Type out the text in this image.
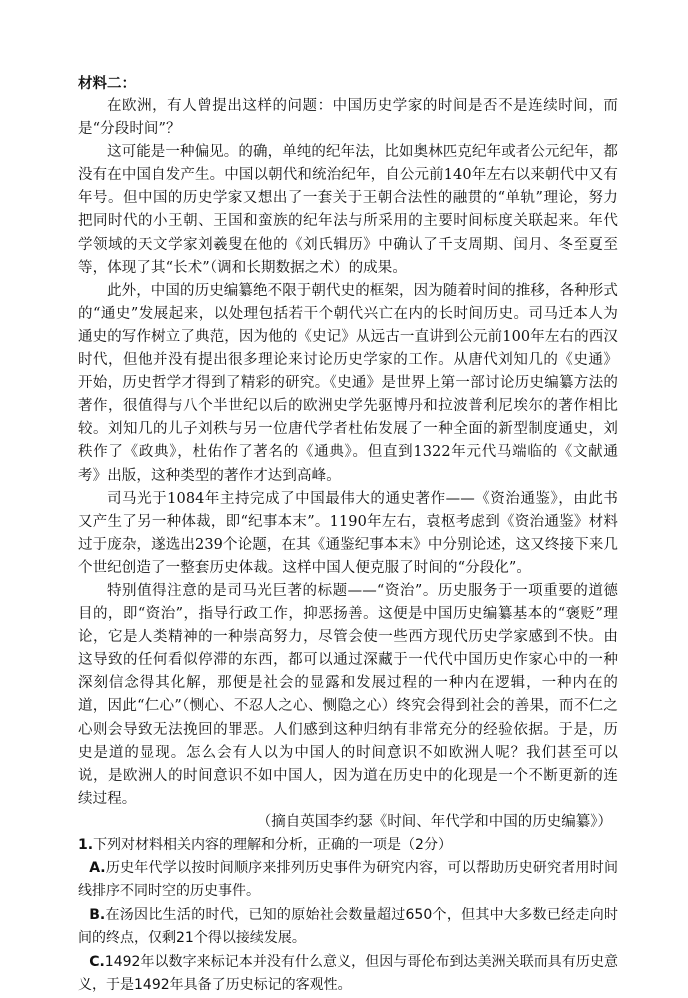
材料二：

在欧洲，有人曾提出这样的问题：中国历史学家的时间是否不是连续时间，而是“分段时间”？

这可能是一种偏见。的确，单纯的纪年法，比如奥林匹克纪年或者公元纪年，都没有在中国自发产生。中国以朝代和统治纪年，自公元前140年左右以来朝代中又有年号。但中国的历史学家又想出了一套关于王朝合法性的融贯的“单轨”理论，努力把同时代的小王朝、王国和蛮族的纪年法与所采用的主要时间标度关联起来。年代学领域的天文学家刘羲叟在他的《刘氏辑历》中确认了千支周期、闰月、冬至夏至等，体现了其“长术”（调和长期数据之术）的成果。

此外，中国的历史编纂绝不限于朝代史的框架，因为随着时间的推移，各种形式的“通史”发展起来，以处理包括若干个朝代兴亡在内的长时间历史。司马迁本人为通史的写作树立了典范，因为他的《史记》从远古一直讲到公元前100年左右的西汉时代，但他并没有提出很多理论来讨论历史学家的工作。从唐代刘知几的《史通》开始，历史哲学才得到了精彩的研究。《史通》是世界上第一部讨论历史编纂方法的著作，很值得与八个半世纪以后的欧洲史学先驱博丹和拉波普利尼埃尔的著作相比较。刘知几的儿子刘秩与另一位唐代学者杜佑发展了一种全面的新型制度通史，刘秩作了《政典》，杜佑作了著名的《通典》。但直到1322年元代马端临的《文献通考》出版，这种类型的著作才达到高峰。

司马光于1084年主持完成了中国最伟大的通史著作——《资治通鉴》，由此书又产生了另一种体裁，即“纪事本末”。1190年左右，袁枢考虑到《资治通鉴》材料过于庞杂，遂选出239个论题，在其《通鉴纪事本末》中分别论述，这又终接下来几个世纪创造了一整套历史体裁。这样中国人便克服了时间的“分段化”。

特别值得注意的是司马光巨著的标题——“资治”。历史服务于一项重要的道德目的，即“资治”，指导行政工作，抑恶扬善。这便是中国历史编纂基本的“褒贬”理论，它是人类精神的一种崇高努力，尽管会使一些西方现代历史学家感到不快。由这导致的任何看似停滞的东西，都可以通过深藏于一代代中国历史作家心中的一种深刻信念得其化解，那便是社会的显露和发展过程的一种内在逻辑，一种内在的道，因此“仁心”（恻心、不忍人之心、恻隐之心）终究会得到社会的善果，而不仁之心则会导致无法挽回的罪恶。人们感到这种归纳有非常充分的经验依据。于是，历史是道的显现。怎么会有人以为中国人的时间意识不如欧洲人呢？我们甚至可以说，是欧洲人的时间意识不如中国人，因为道在历史中的化现是一个不断更新的连续过程。

（摘自英国李约瑟《时间、年代学和中国的历史编纂》）

1.下列对材料相关内容的理解和分析，正确的一项是（2分）

A.历史年代学以按时间顺序来排列历史事件为研究内容，可以帮助历史研究者用时间线排序不同时空的历史事件。

B.在汤因比生活的时代，已知的原始社会数量超过650个，但其中大多数已经走向时间的终点，仅剩21个得以接续发展。

C.1492年以数字来标记本并没有什么意义，但因与哥伦布到达美洲关联而具有历史意义，于是1492年具备了历史标记的客观性。
